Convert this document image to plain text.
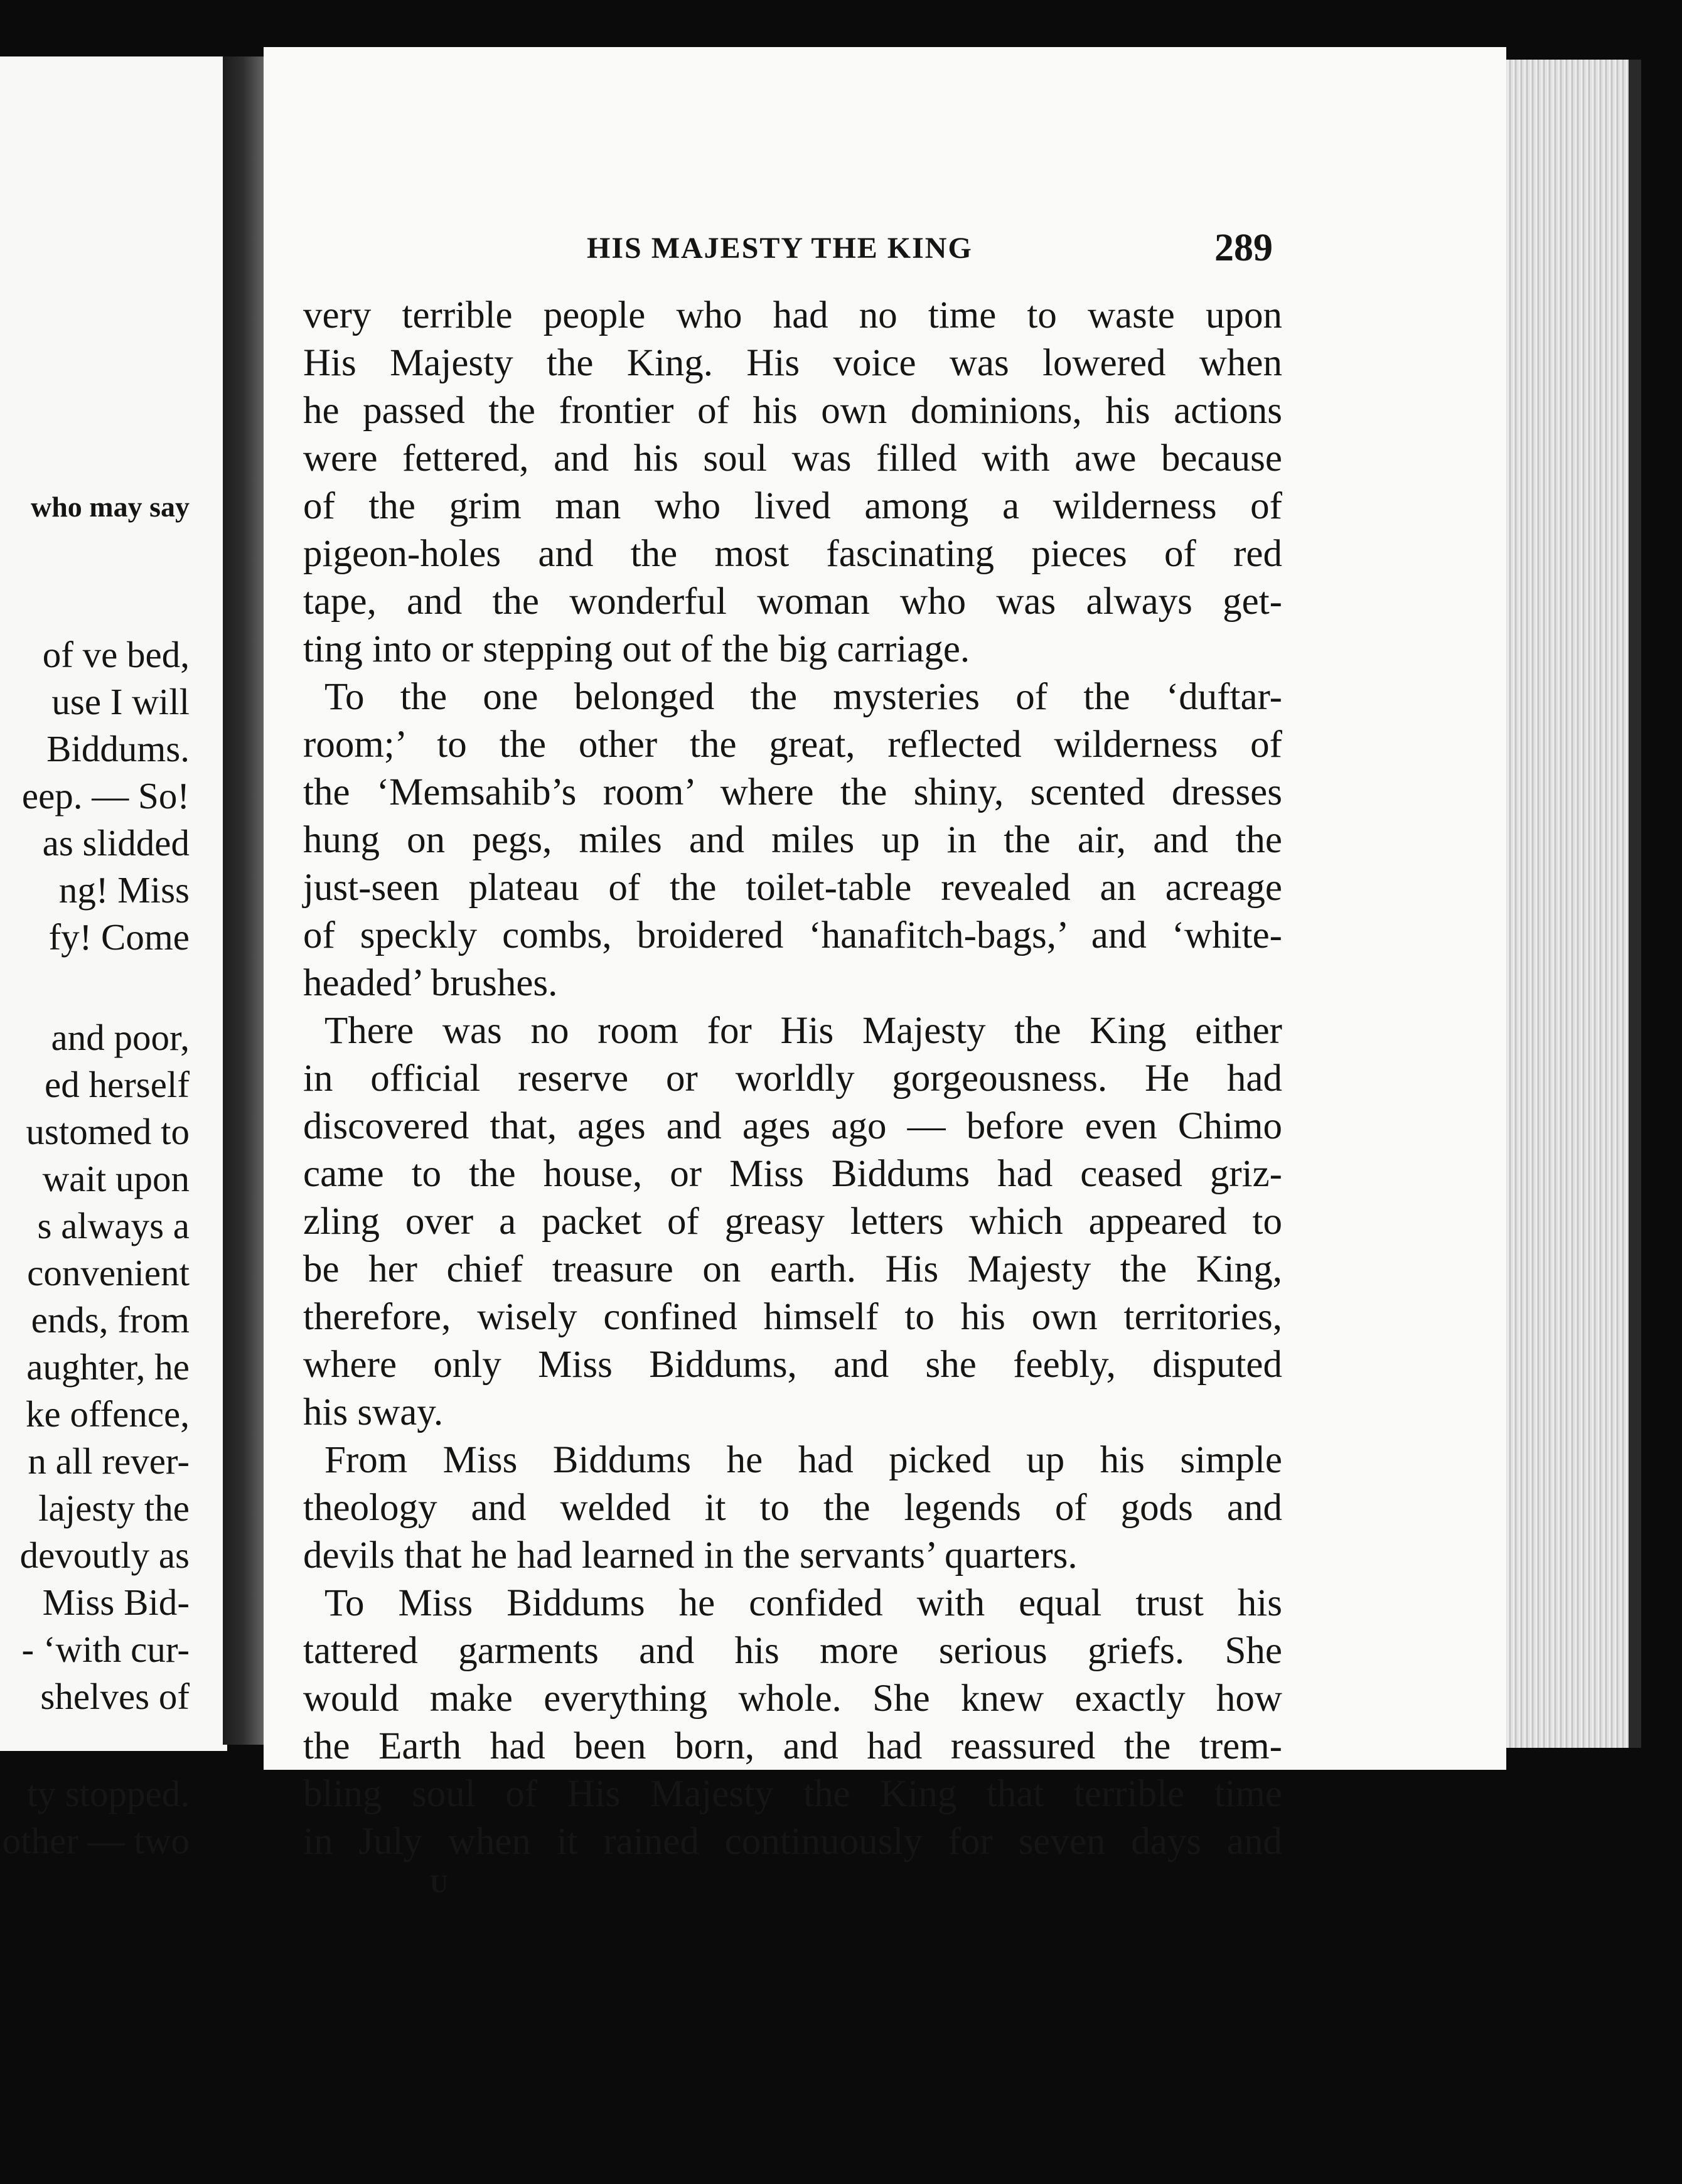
who may say
of ve bed,
use I will
Biddums.
eep. — So!
as slidded
ng! Miss
fy! Come
and poor,
ed herself
ustomed to
wait upon
s always a
convenient
ends, from
aughter, he
ke offence,
n all rever-
lajesty the
devoutly as
Miss Bid-
- ‘with cur-
shelves of
ty stopped.
other — two
HIS MAJESTY THE KING	289
very terrible people who had no time to waste upon
His Majesty the King. His voice was lowered when
he passed the frontier of his own dominions, his actions
were fettered, and his soul was filled with awe because
of the grim man who lived among a wilderness of
pigeon-holes and the most fascinating pieces of red
tape, and the wonderful woman who was always get-
ting into or stepping out of the big carriage.
To the one belonged the mysteries of the ‘duftar-
room;’ to the other the great, reflected wilderness of
the ‘Memsahib’s room’ where the shiny, scented dresses
hung on pegs, miles and miles up in the air, and the
just-seen plateau of the toilet-table revealed an acreage
of speckly combs, broidered ‘hanafitch-bags,’ and ‘white-
headed’ brushes.
There was no room for His Majesty the King either
in official reserve or worldly gorgeousness. He had
discovered that, ages and ages ago — before even Chimo
came to the house, or Miss Biddums had ceased griz-
zling over a packet of greasy letters which appeared to
be her chief treasure on earth. His Majesty the King,
therefore, wisely confined himself to his own territories,
where only Miss Biddums, and she feebly, disputed
his sway.
From Miss Biddums he had picked up his simple
theology and welded it to the legends of gods and
devils that he had learned in the servants’ quarters.
To Miss Biddums he confided with equal trust his
tattered garments and his more serious griefs. She
would make everything whole. She knew exactly how
the Earth had been born, and had reassured the trem-
bling soul of His Majesty the King that terrible time
in July when it rained continuously for seven days and
U
